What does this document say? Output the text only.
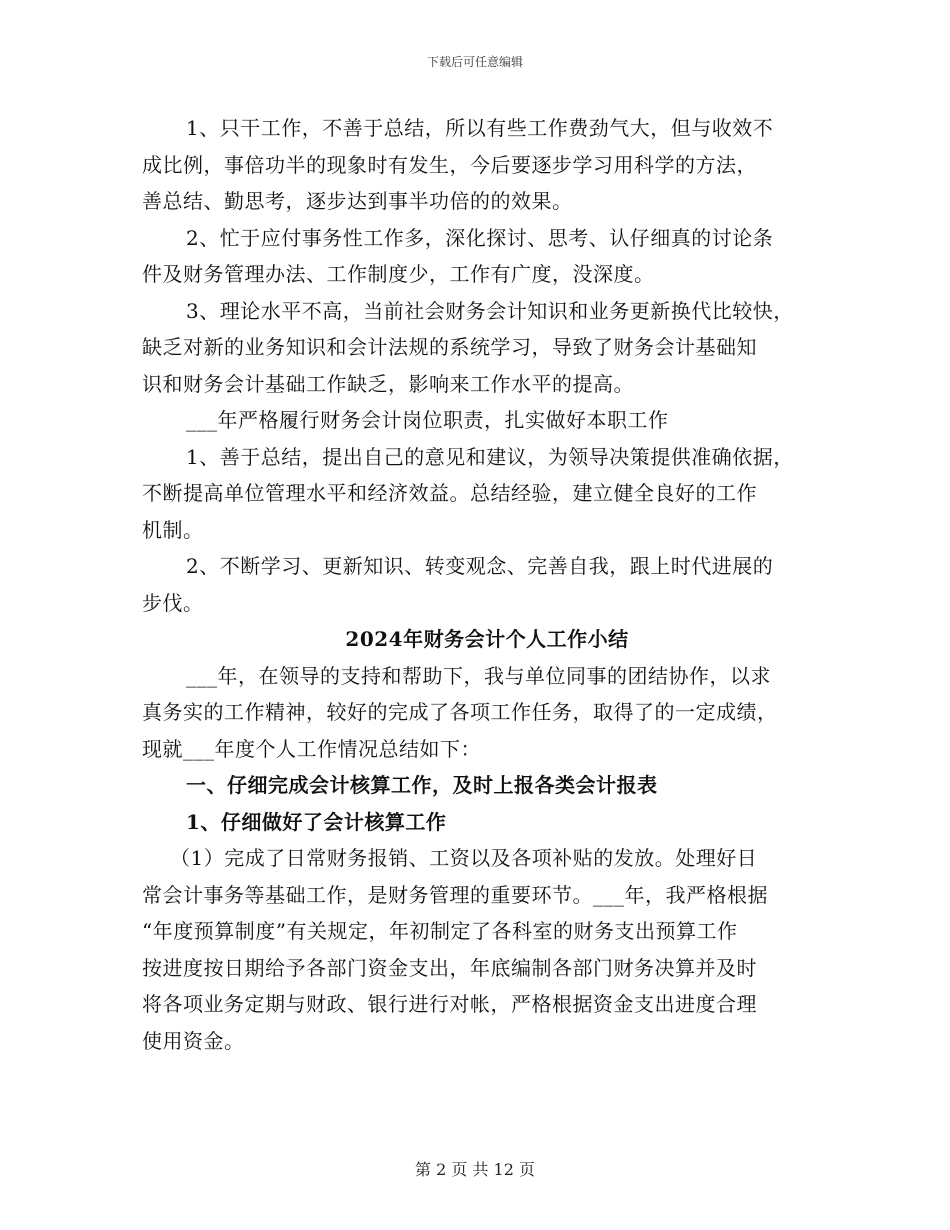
下载后可任意编辑
1、只干工作，不善于总结，所以有些工作费劲气大，但与收效不
成比例，事倍功半的现象时有发生，今后要逐步学习用科学的方法，
善总结、勤思考，逐步达到事半功倍的的效果。
2、忙于应付事务性工作多，深化探讨、思考、认仔细真的讨论条
件及财务管理办法、工作制度少，工作有广度，没深度。
3、理论水平不高，当前社会财务会计知识和业务更新换代比较快，
缺乏对新的业务知识和会计法规的系统学习，导致了财务会计基础知
识和财务会计基础工作缺乏，影响来工作水平的提高。
___年严格履行财务会计岗位职责，扎实做好本职工作
1、善于总结，提出自己的意见和建议，为领导决策提供准确依据，
不断提高单位管理水平和经济效益。总结经验，建立健全良好的工作
机制。
2、不断学习、更新知识、转变观念、完善自我，跟上时代进展的
步伐。
2024年财务会计个人工作小结
___年，在领导的支持和帮助下，我与单位同事的团结协作，以求
真务实的工作精神，较好的完成了各项工作任务，取得了的一定成绩，
现就___年度个人工作情况总结如下：
一、仔细完成会计核算工作，及时上报各类会计报表
1、仔细做好了会计核算工作
（1）完成了日常财务报销、工资以及各项补贴的发放。处理好日
常会计事务等基础工作，是财务管理的重要环节。___年，我严格根据
“年度预算制度”有关规定，年初制定了各科室的财务支出预算工作
按进度按日期给予各部门资金支出，年底编制各部门财务决算并及时
将各项业务定期与财政、银行进行对帐，严格根据资金支出进度合理
使用资金。
第 2 页 共 12 页
